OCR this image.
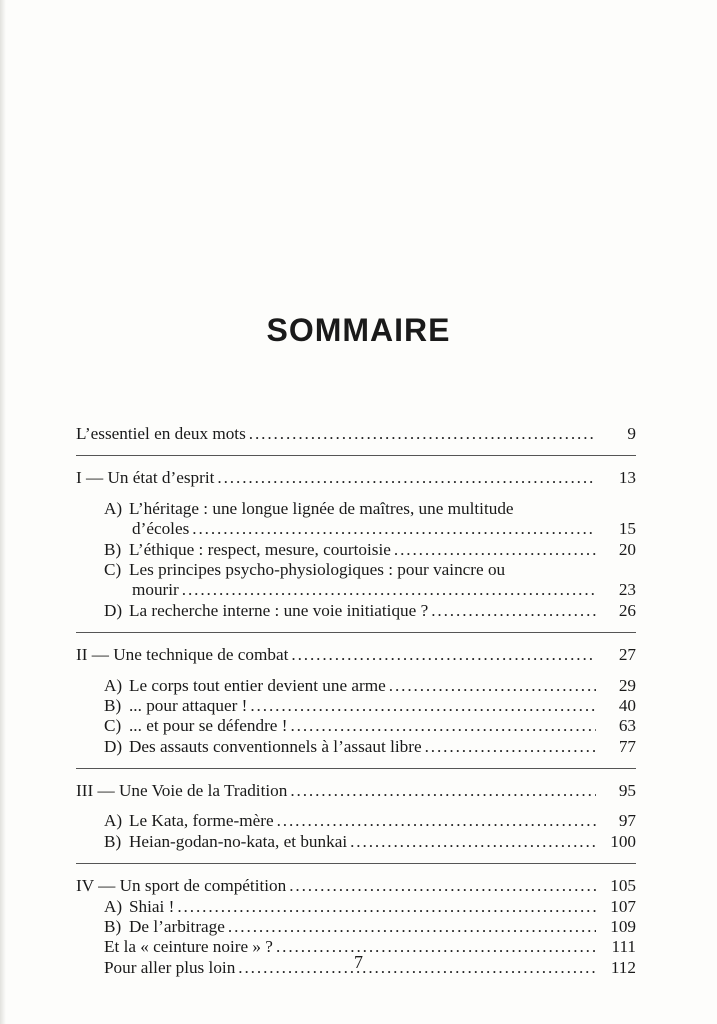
SOMMAIRE
L’essentiel en deux mots . . .	9
I — Un état d’esprit . . .	13
A) L’héritage : une longue lignée de maîtres, une multitude
d’écoles . . .	15
B) L’éthique : respect, mesure, courtoisie . . .	20
C) Les principes psycho-physiologiques : pour vaincre ou
mourir . . .	23
D) La recherche interne : une voie initiatique ? . . .	26
II — Une technique de combat . . .	27
A) Le corps tout entier devient une arme . . .	29
B) ... pour attaquer ! . . .	40
C) ... et pour se défendre ! . . .	63
D) Des assauts conventionnels à l’assaut libre . . .	77
III — Une Voie de la Tradition . . .	95
A) Le Kata, forme-mère . . .	97
B) Heian-godan-no-kata, et bunkai . . .	100
IV — Un sport de compétition . . .	105
A) Shiai ! . . .	107
B) De l’arbitrage . . .	109
Et la « ceinture noire » ? . . .	111
Pour aller plus loin . . .	112
7
